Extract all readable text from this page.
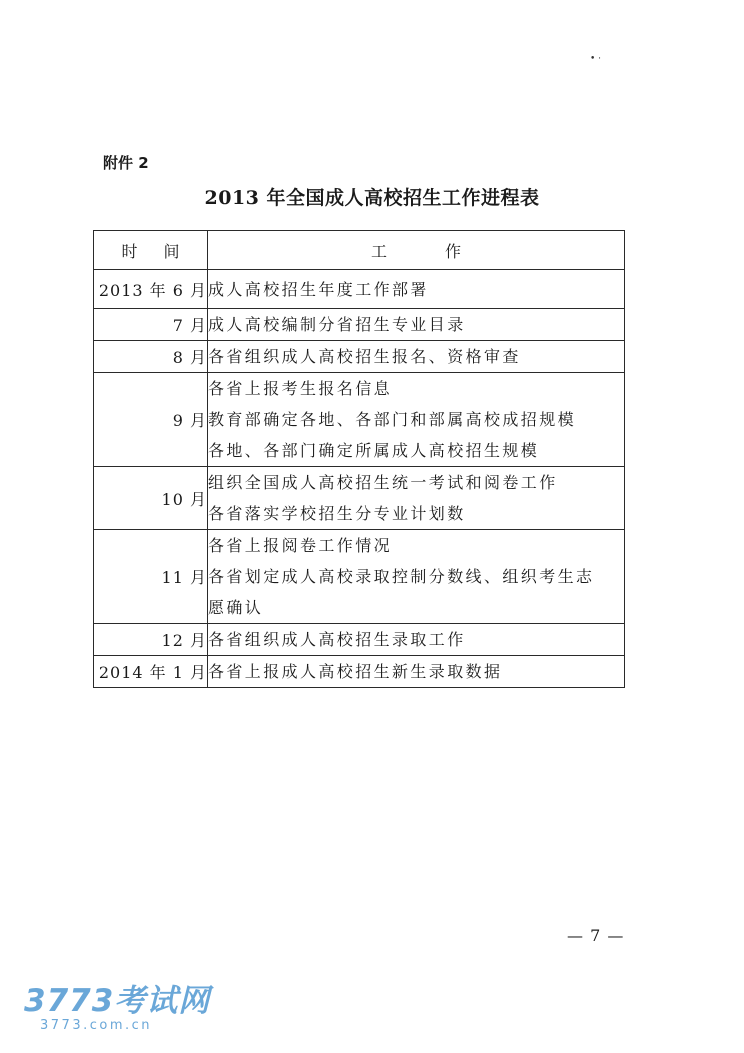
• ·
附件 2
2013 年全国成人高校招生工作进程表
时 间	工 作
2013 年 6 月	成人高校招生年度工作部署

7 月	成人高校编制分省招生专业目录

8 月	各省组织成人高校招生报名、资格审查

9 月	各省上报考生报名信息
教育部确定各地、各部门和部属高校成招规模
各地、各部门确定所属成人高校招生规模

10 月	组织全国成人高校招生统一考试和阅卷工作
各省落实学校招生分专业计划数

11 月	各省上报阅卷工作情况
各省划定成人高校录取控制分数线、组织考生志
愿确认

12 月	各省组织成人高校招生录取工作

2014 年 1 月	各省上报成人高校招生新生录取数据
— 7 —
3773考试网
3773.com.cn
